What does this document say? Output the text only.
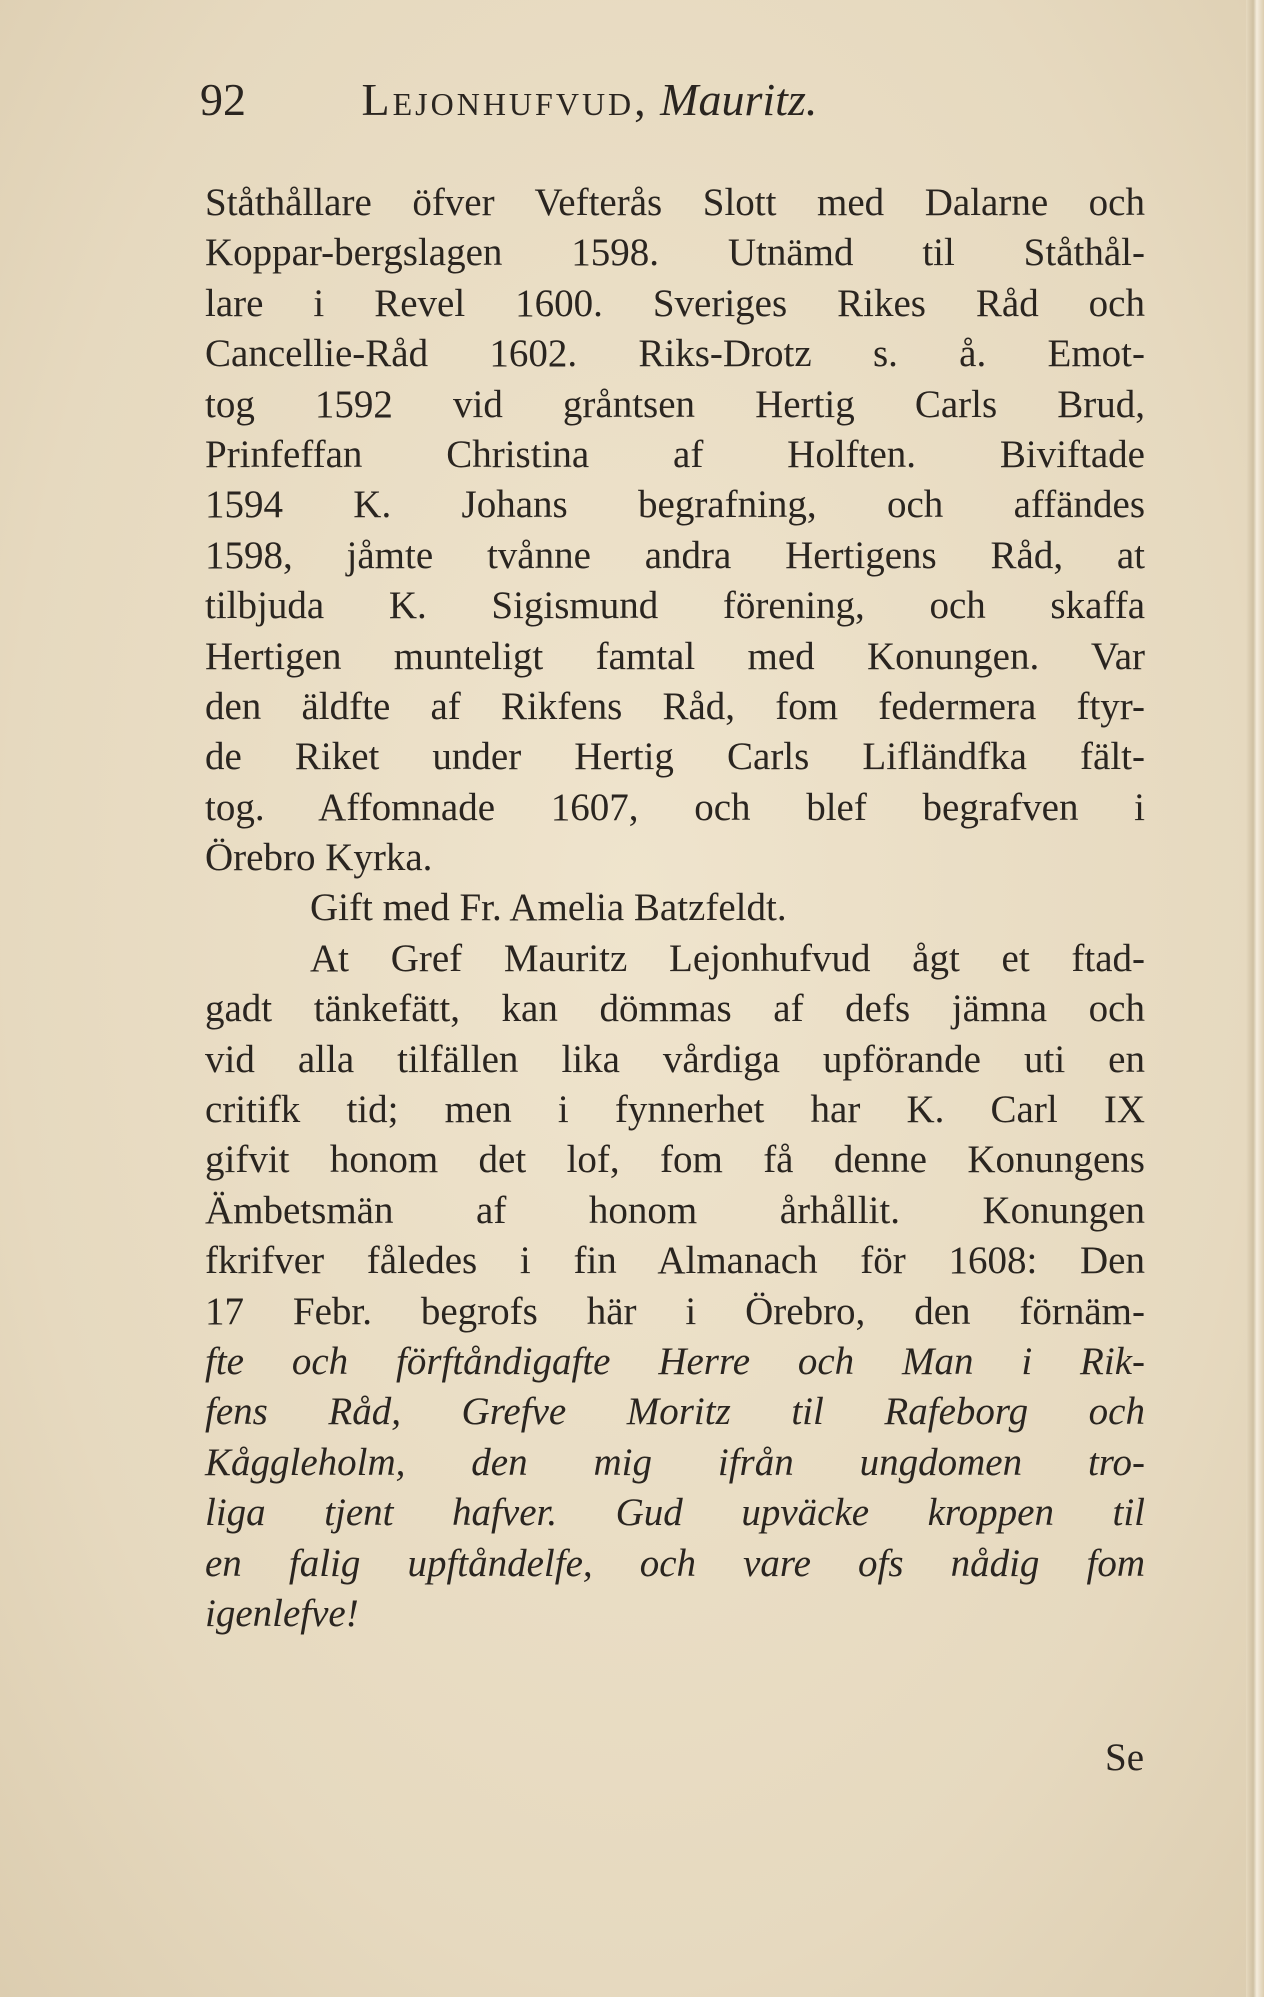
92	Lejonhufvud, Mauritz.
Ståthållare öfver Vefterås Slott med Dalarne och
Koppar-bergslagen 1598. Utnämd til Ståthål-
lare i Revel 1600. Sveriges Rikes Råd och
Cancellie-Råd 1602. Riks-Drotz s. å. Emot-
tog 1592 vid gråntsen Hertig Carls Brud,
Prinfeffan Christina af Holften. Biviftade
1594 K. Johans begrafning, och affändes
1598, jåmte tvånne andra Hertigens Råd, at
tilbjuda K. Sigismund förening, och skaffa
Hertigen munteligt famtal med Konungen. Var
den äldfte af Rikfens Råd, fom federmera ftyr-
de Riket under Hertig Carls Lifländfka fält-
tog. Affomnade 1607, och blef begrafven i
Örebro Kyrka.
Gift med Fr. Amelia Batzfeldt.
At Gref Mauritz Lejonhufvud ågt et ftad-
gadt tänkefätt, kan dömmas af defs jämna och
vid alla tilfällen lika vårdiga upförande uti en
critifk tid; men i fynnerhet har K. Carl IX
gifvit honom det lof, fom få denne Konungens
Ämbetsmän af honom århållit. Konungen
fkrifver fåledes i fin Almanach för 1608: Den
17 Febr. begrofs här i Örebro, den förnäm-
fte och förftåndigafte Herre och Man i Rik-
fens Råd, Grefve Moritz til Rafeborg och
Kåggleholm, den mig ifrån ungdomen tro-
liga tjent hafver. Gud upväcke kroppen til
en falig upftåndelfe, och vare ofs nådig fom
igenlefve!
Se
